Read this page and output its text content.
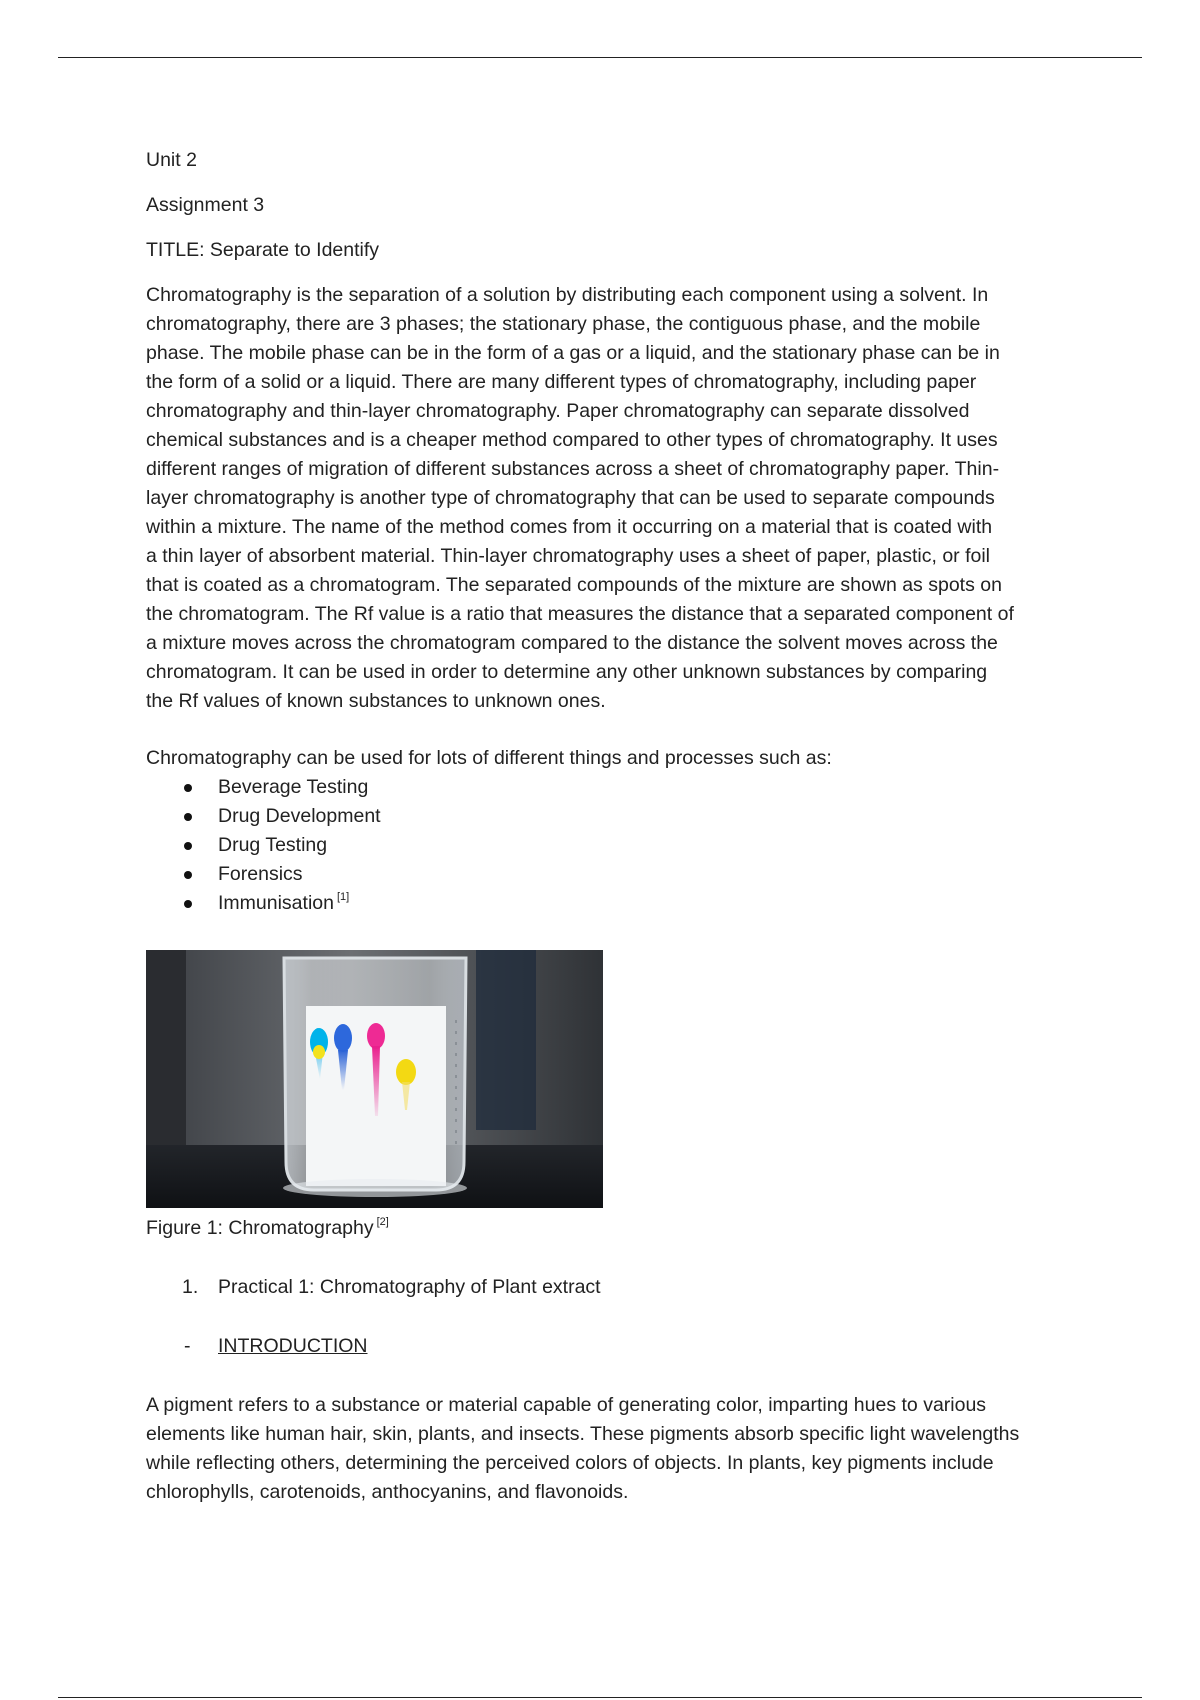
Unit 2

Assignment 3

TITLE: Separate to Identify

Chromatography is the separation of a solution by distributing each component using a solvent. In
chromatography, there are 3 phases; the stationary phase, the contiguous phase, and the mobile
phase. The mobile phase can be in the form of a gas or a liquid, and the stationary phase can be in
the form of a solid or a liquid. There are many different types of chromatography, including paper
chromatography and thin-layer chromatography. Paper chromatography can separate dissolved
chemical substances and is a cheaper method compared to other types of chromatography. It uses
different ranges of migration of different substances across a sheet of chromatography paper. Thin-
layer chromatography is another type of chromatography that can be used to separate compounds
within a mixture. The name of the method comes from it occurring on a material that is coated with
a thin layer of absorbent material. Thin-layer chromatography uses a sheet of paper, plastic, or foil
that is coated as a chromatogram. The separated compounds of the mixture are shown as spots on
the chromatogram. The Rf value is a ratio that measures the distance that a separated component of
a mixture moves across the chromatogram compared to the distance the solvent moves across the
chromatogram. It can be used in order to determine any other unknown substances by comparing
the Rf values of known substances to unknown ones.

Chromatography can be used for lots of different things and processes such as:

Beverage Testing
Drug Development
Drug Testing
Forensics
Immunisation [1]

Figure 1: Chromatography [2]

1. Practical 1: Chromatography of Plant extract
- INTRODUCTION
A pigment refers to a substance or material capable of generating color, imparting hues to various
elements like human hair, skin, plants, and insects. These pigments absorb specific light wavelengths
while reflecting others, determining the perceived colors of objects. In plants, key pigments include
chlorophylls, carotenoids, anthocyanins, and flavonoids.
